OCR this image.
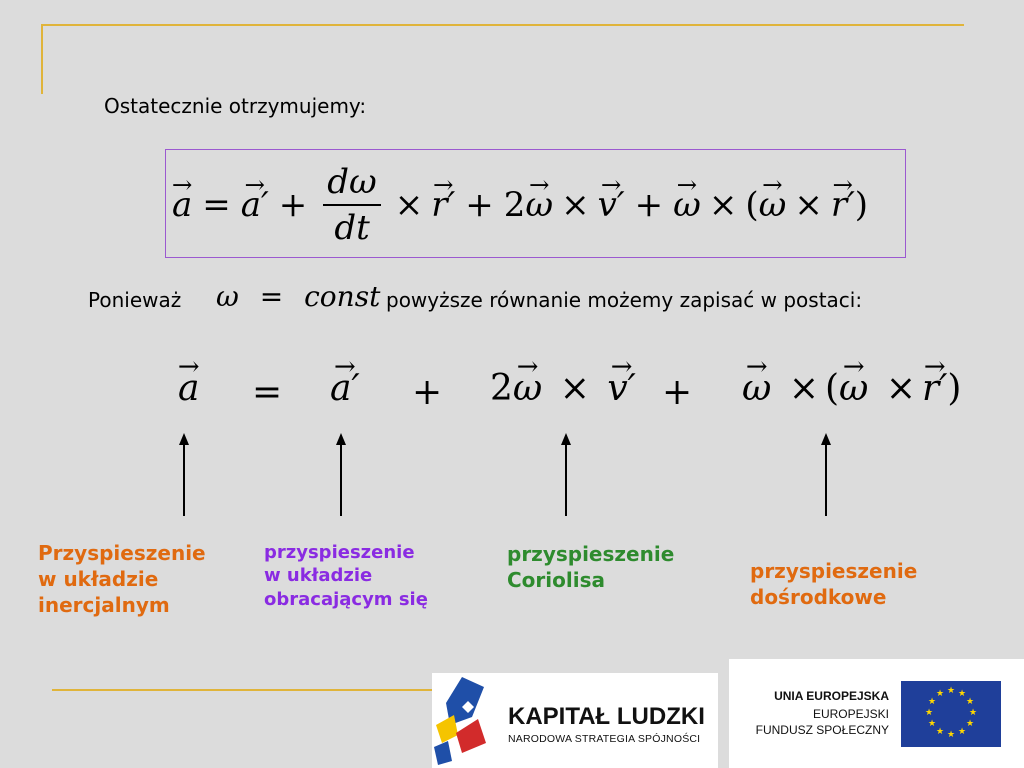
Ostatecznie otrzymujemy:
→ a = → $a' + \frac{d\omega}{dt}$ × → r′ + 2 → ω × → v′ + → ω × ( → ω × → r′ )
Ponieważ ω = const powyższe równanie możemy zapisać w postaci:
→ a = → a′ + 2→ ω × → v′ + → ω × (→ ω × → r′)
Przyspieszenie
w układzie
inercjalnym
przyspieszenie
w układzie
obracającym się
przyspieszenie
Coriolisa	przyspieszenie
dośrodkowe
KAPITAŁ LUDZKI
NARODOWA STRATEGIA SPÓJNOŚCI
UNIA EUROPEJSKA
EUROPEJSKI
FUNDUSZ SPOŁECZNY
★ ★
★
★
★
★
★
★
★
★
★
★
